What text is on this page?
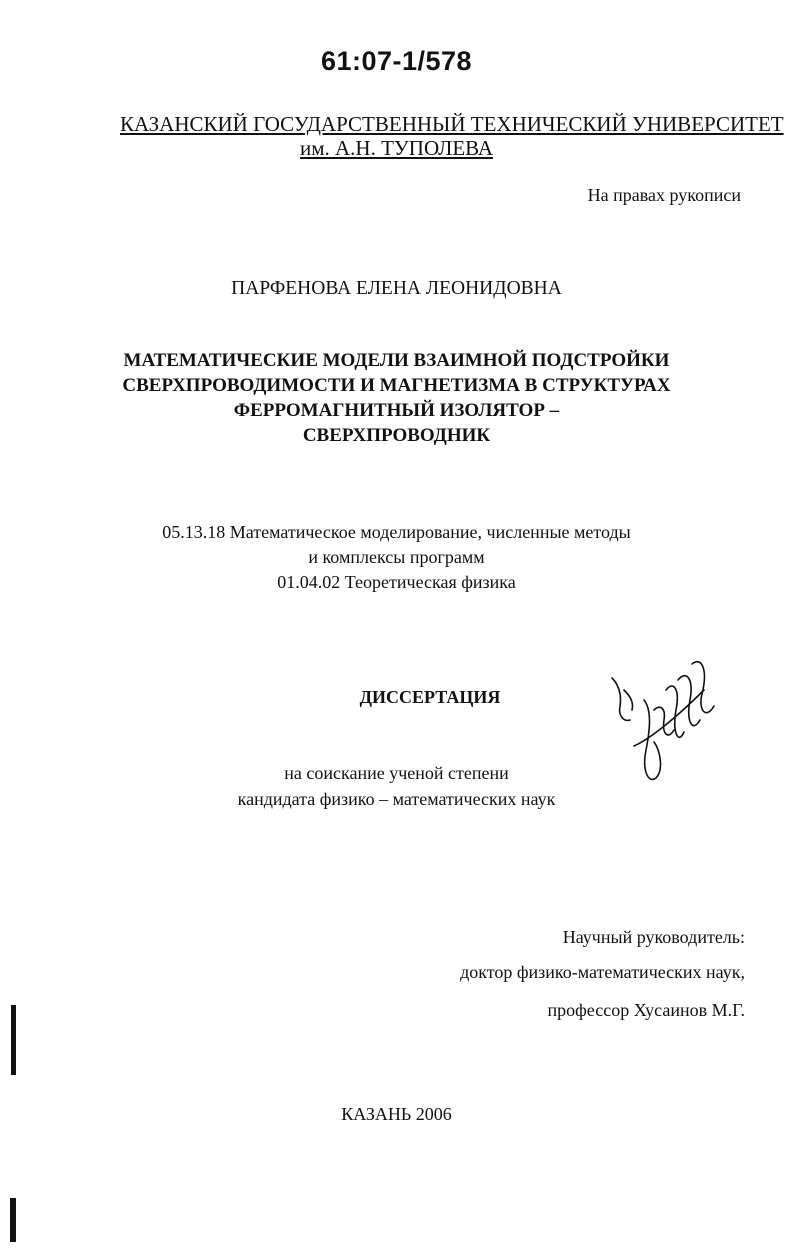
61:07-1/578
КАЗАНСКИЙ ГОСУДАРСТВЕННЫЙ ТЕХНИЧЕСКИЙ УНИВЕРСИТЕТ
им. А.Н. ТУПОЛЕВА
На правах рукописи
ПАРФЕНОВА ЕЛЕНА ЛЕОНИДОВНА
МАТЕМАТИЧЕСКИЕ МОДЕЛИ ВЗАИМНОЙ ПОДСТРОЙКИ
СВЕРХПРОВОДИМОСТИ И МАГНЕТИЗМА В СТРУКТУРАХ
ФЕРРОМАГНИТНЫЙ ИЗОЛЯТОР –
СВЕРХПРОВОДНИК
05.13.18 Математическое моделирование, численные методы
и комплексы программ
01.04.02 Теоретическая физика
ДИССЕРТАЦИЯ
на соискание ученой степени
кандидата физико – математических наук
Научный руководитель:
доктор физико-математических наук,
профессор Хусаинов М.Г.
КАЗАНЬ 2006
